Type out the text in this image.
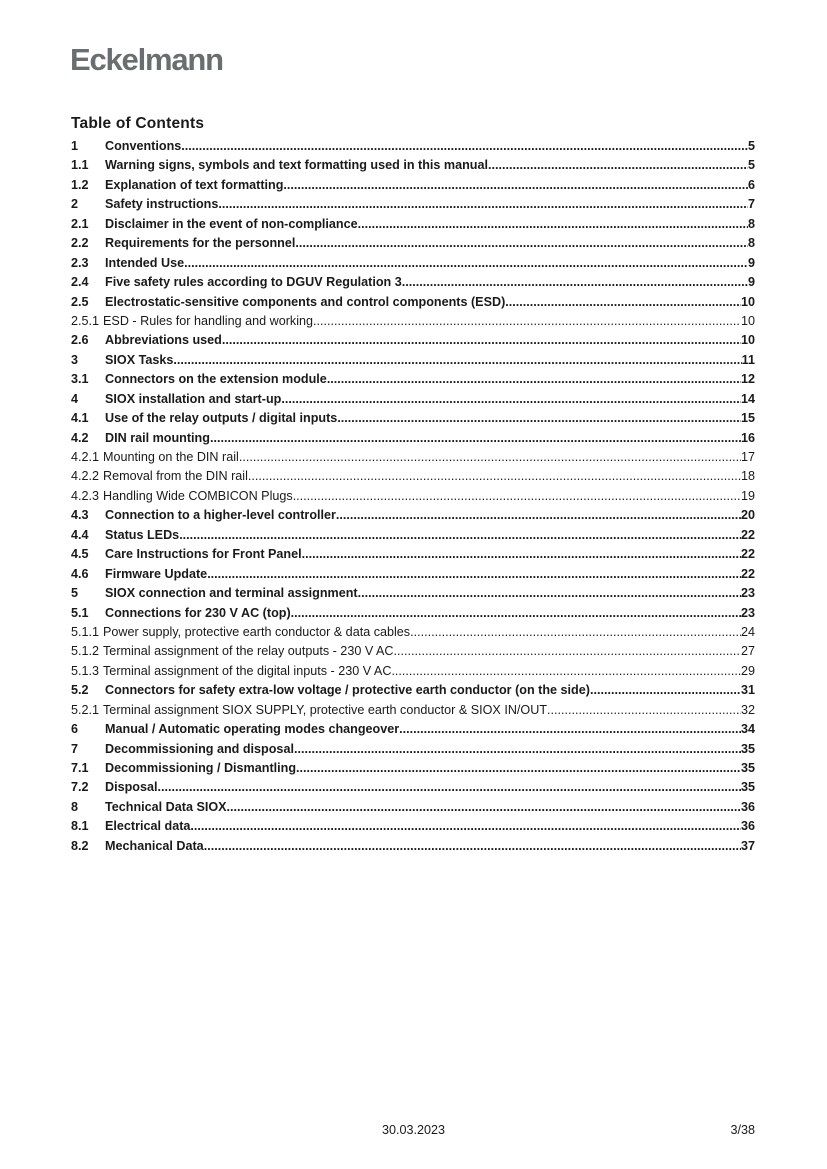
Eckelmann
Table of Contents
1	Conventions .....	5
1.1	Warning signs, symbols and text formatting used in this manual .....	5
1.2	Explanation of text formatting .....	6
2	Safety instructions .....	7
2.1	Disclaimer in the event of non-compliance .....	8
2.2	Requirements for the personnel .....	8
2.3	Intended Use .....	9
2.4	Five safety rules according to DGUV Regulation 3 .....	9
2.5	Electrostatic-sensitive components and control components (ESD) .....	10
2.5.1 ESD - Rules for handling and working .....	10
2.6	Abbreviations used .....	10
3	SIOX Tasks .....	11
3.1	Connectors on the extension module .....	12
4	SIOX installation and start-up .....	14
4.1	Use of the relay outputs / digital inputs .....	15
4.2	DIN rail mounting .....	16
4.2.1 Mounting on the DIN rail .....	17
4.2.2 Removal from the DIN rail .....	18
4.2.3 Handling Wide COMBICON Plugs .....	19
4.3	Connection to a higher-level controller .....	20
4.4	Status LEDs .....	22
4.5	Care Instructions for Front Panel .....	22
4.6	Firmware Update .....	22
5	SIOX connection and terminal assignment .....	23
5.1	Connections for 230 V AC (top) .....	23
5.1.1 Power supply, protective earth conductor & data cables .....	24
5.1.2 Terminal assignment of the relay outputs - 230 V AC .....	27
5.1.3 Terminal assignment of the digital inputs - 230 V AC .....	29
5.2	Connectors for safety extra-low voltage / protective earth conductor (on the side) .....	31
5.2.1 Terminal assignment SIOX SUPPLY, protective earth conductor & SIOX IN/OUT .....	32
6	Manual / Automatic operating modes changeover .....	34
7	Decommissioning and disposal .....	35
7.1	Decommissioning / Dismantling .....	35
7.2	Disposal .....	35
8	Technical Data SIOX .....	36
8.1	Electrical data .....	36
8.2	Mechanical Data .....	37
30.03.2023	3/38
